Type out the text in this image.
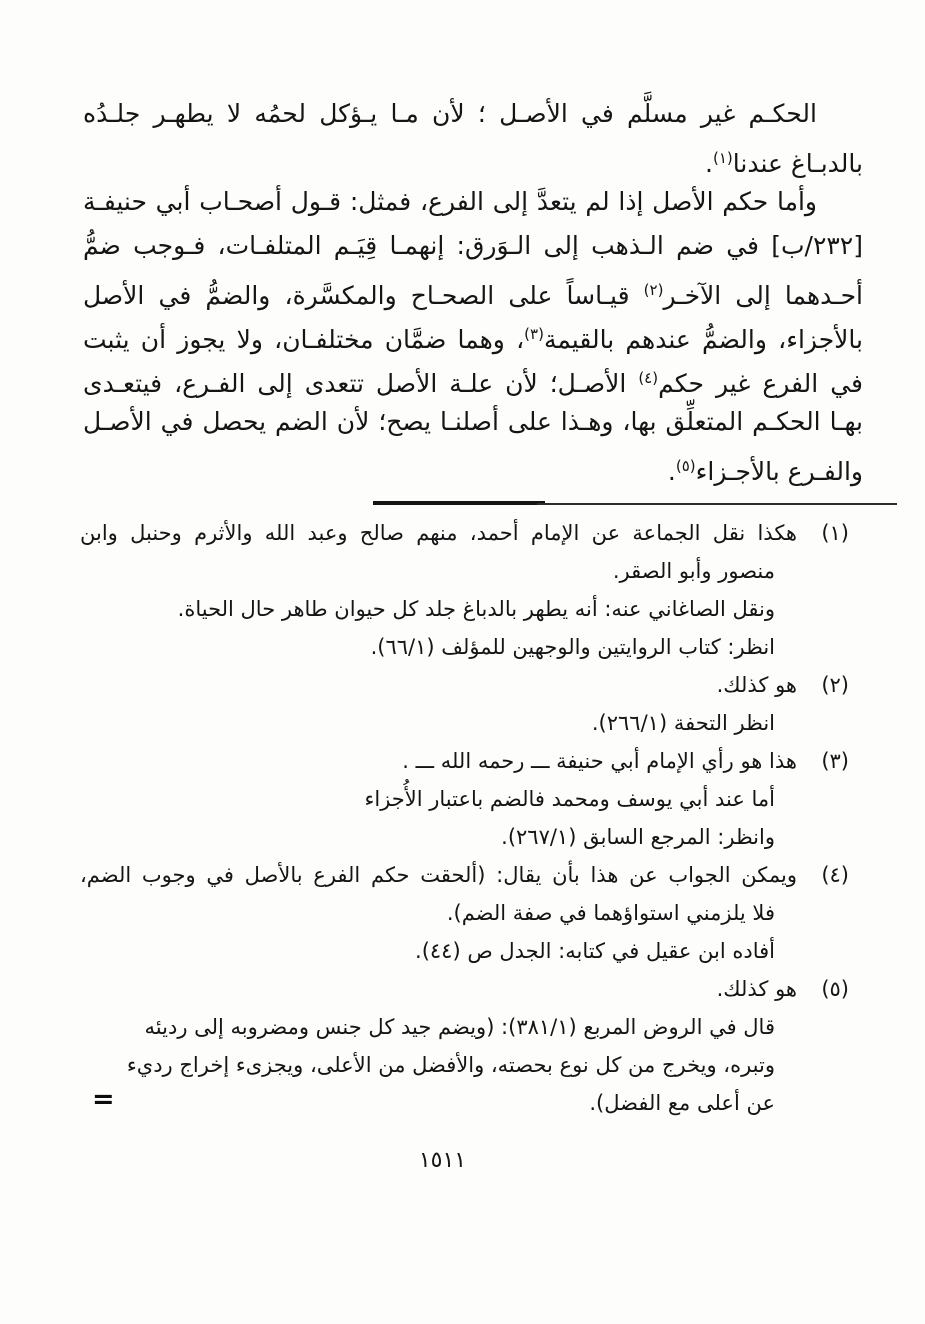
الحكـم غير مسلَّم في الأصـل ؛ لأن مـا يـؤكل لحمُه لا يطهـر جلـدُه
بالدبـاغ عندنا$^{(١)}$.
وأما حكم الأصل إذا لم يتعدَّ إلى الفرع، فمثل: قـول أصحـاب أبي حنيفـة
[٢٣٢/ب] في ضم الـذهب إلى الـوَرق: إنهمـا قِيَـم المتلفـات، فـوجب ضمُّ
أحـدهما إلى الآخـر$^{(٢)}$ قيـاساً على الصحـاح والمكسَّرة، والضمُّ في الأصل
بالأجزاء، والضمُّ عندهم بالقيمة$^{(٣)}$، وهما ضمَّان مختلفـان، ولا يجوز أن يثبت
في الفرع غير حكم$^{(٤)}$ الأصـل؛ لأن علـة الأصل تتعدى إلى الفـرع، فيتعـدى
بهـا الحكـم المتعلِّق بها، وهـذا على أصلنـا يصح؛ لأن الضم يحصل في الأصـل
والفـرع بالأجـزاء$^{(٥)}$.
(١)
هكذا نقل الجماعة عن الإمام أحمد، منهم صالح وعبد الله والأثرم وحنبل وابن
منصور وأبو الصقر.
ونقل الصاغاني عنه: أنه يطهر بالدباغ جلد كل حيوان طاهر حال الحياة.
انظر: كتاب الروايتين والوجهين للمؤلف (٦٦/١).
(٢)
هو كذلك.
انظر التحفة (٢٦٦/١).
(٣)
هذا هو رأي الإمام أبي حنيفة ـــ رحمه الله ـــ .
أما عند أبي يوسف ومحمد فالضم باعتبار الأُجزاء
وانظر: المرجع السابق (٢٦٧/١).
(٤)
ويمكن الجواب عن هذا بأن يقال: (ألحقت حكم الفرع بالأصل في وجوب الضم،
فلا يلزمني استواؤهما في صفة الضم).
أفاده ابن عقيل في كتابه: الجدل ص (٤٤).
(٥)
هو كذلك.
قال في الروض المربع (٣٨١/١): (ويضم جيد كل جنس ومضروبه إلى رديئه
وتبره، ويخرج من كل نوع بحصته، والأفضل من الأعلى، ويجزىء إخراج رديء
عن أعلى مع الفضل).
=
١٥١١
